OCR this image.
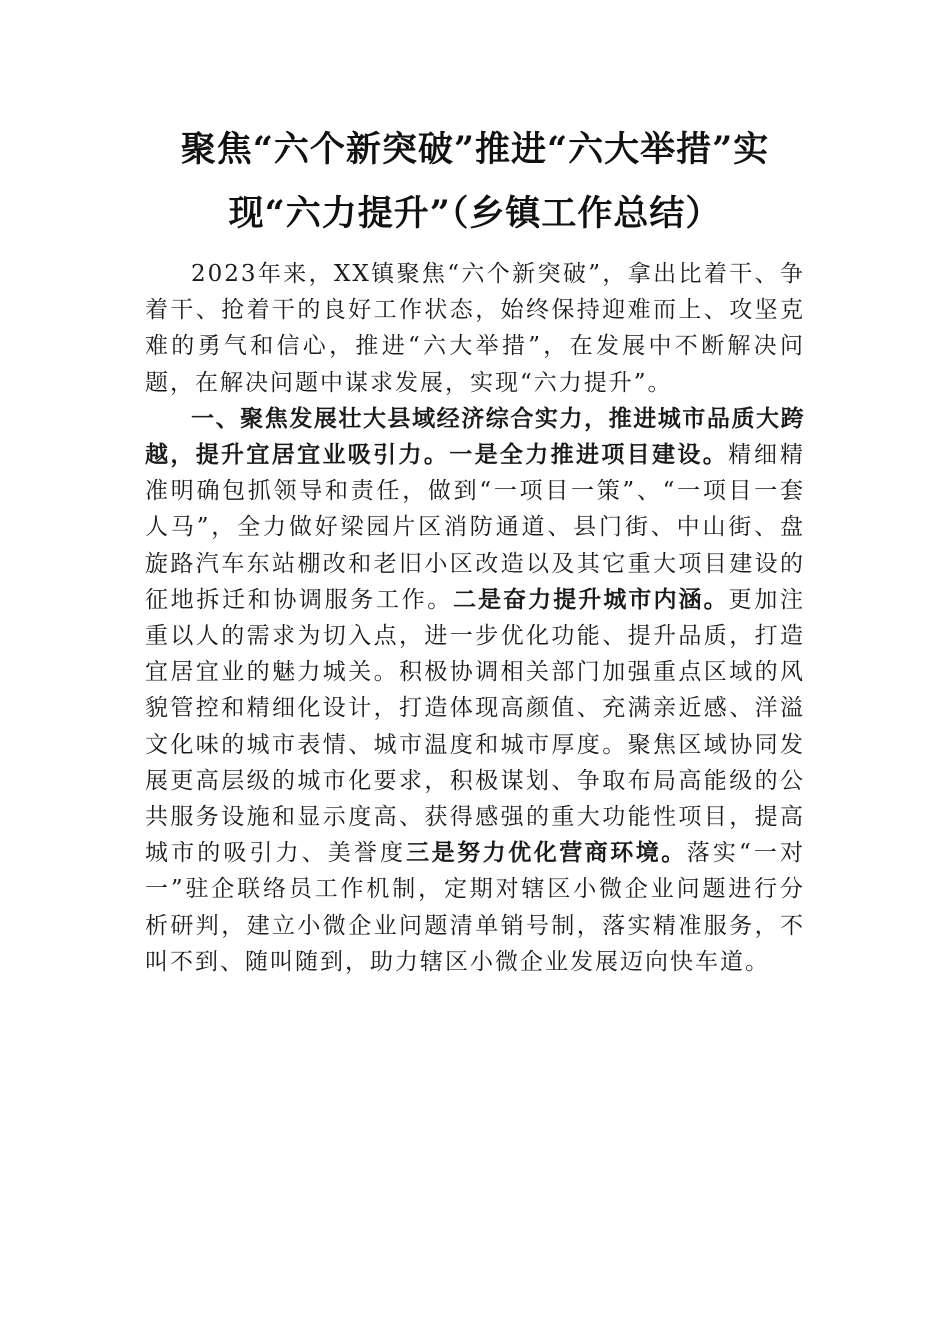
聚焦“六个新突破”推进“六大举措”实
现“六力提升”（乡镇工作总结）

2023年来，XX镇聚焦“六个新突破”，拿出比着干、争着干、抢着干的良好工作状态，始终保持迎难而上、攻坚克难的勇气和信心，推进“六大举措”，在发展中不断解决问题，在解决问题中谋求发展，实现“六力提升”。

一、聚焦发展壮大县域经济综合实力，推进城市品质大跨越，提升宜居宜业吸引力。一是全力推进项目建设。精细精准明确包抓领导和责任，做到“一项目一策”、“一项目一套人马”，全力做好梁园片区消防通道、县门街、中山街、盘旋路汽车东站棚改和老旧小区改造以及其它重大项目建设的征地拆迁和协调服务工作。二是奋力提升城市内涵。更加注重以人的需求为切入点，进一步优化功能、提升品质，打造宜居宜业的魅力城关。积极协调相关部门加强重点区域的风貌管控和精细化设计，打造体现高颜值、充满亲近感、洋溢文化味的城市表情、城市温度和城市厚度。聚焦区域协同发展更高层级的城市化要求，积极谋划、争取布局高能级的公共服务设施和显示度高、获得感强的重大功能性项目，提高城市的吸引力、美誉度三是努力优化营商环境。落实“一对一”驻企联络员工作机制，定期对辖区小微企业问题进行分析研判，建立小微企业问题清单销号制，落实精准服务，不叫不到、随叫随到，助力辖区小微企业发展迈向快车道。
